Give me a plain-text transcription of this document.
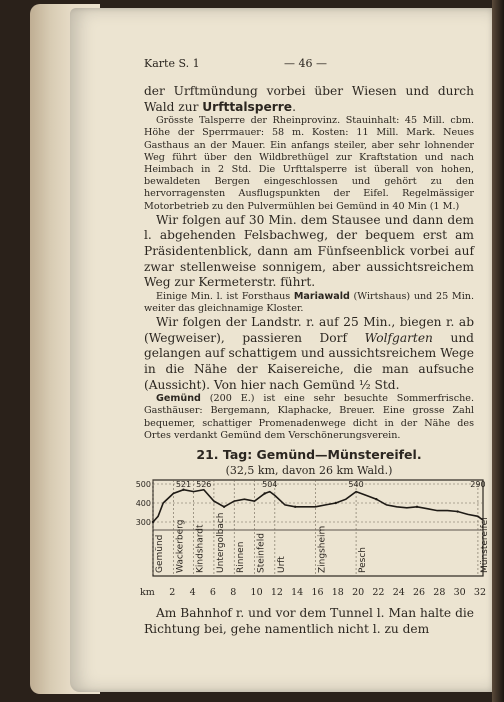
Karte S. 1	— 46 —

der Urftmündung vorbei über Wiesen und durch Wald zur Urfttalsperre.

Grösste Talsperre der Rheinprovinz. Stauinhalt: 45 Mill. cbm. Höhe der Sperrmauer: 58 m. Kosten: 11 Mill. Mark. Neues Gasthaus an der Mauer. Ein anfangs steiler, aber sehr lohnender Weg führt über den Wildbrethügel zur Kraftstation und nach Heimbach in 2 Std. Die Urfttalsperre ist überall von hohen, bewaldeten Bergen eingeschlossen und gehört zu den hervorragensten Ausflugspunkten der Eifel. Regelmässiger Motorbetrieb zu den Pulvermühlen bei Gemünd in 40 Min (1 M.)

Wir folgen auf 30 Min. dem Stausee und dann dem l. abgehenden Felsbachweg, der bequem erst am Präsidentenblick, dann am Fünfseenblick vorbei auf zwar stellenweise sonnigem, aber aussichtsreichem Weg zur Kermeterstr. führt.

Einige Min. l. ist Forsthaus Mariawald (Wirtshaus) und 25 Min. weiter das gleichnamige Kloster.

Wir folgen der Landstr. r. auf 25 Min., biegen r. ab (Wegweiser), passieren Dorf Wolfgarten und gelangen auf schattigem und aussichtsreichem Wege in die Nähe der Kaisereiche, die man aufsuche (Aussicht). Von hier nach Gemünd ½ Std.

Gemünd (200 E.) ist eine sehr besuchte Sommerfrische. Gasthäuser: Bergemann, Klaphacke, Breuer. Eine grosse Zahl bequemer, schattiger Promenadenwege dicht in der Nähe des Ortes verdankt Gemünd dem Verschönerungsverein.

21. Tag: Gemünd—Münstereifel.
(32,5 km, davon 26 km Wald.)
500
400
300
Gemünd Wackerberg Kindshardt Untergolbach Rinnen Steinfeld Urft	Zingsheim	Pesch	Münstereifel
521 526	504	540	290
km 2 4 6 8 10 12 14 16 18 20 22 24 26 28 30 32

Am Bahnhof r. und vor dem Tunnel l. Man halte die Richtung bei, gehe namentlich nicht l. zu dem
